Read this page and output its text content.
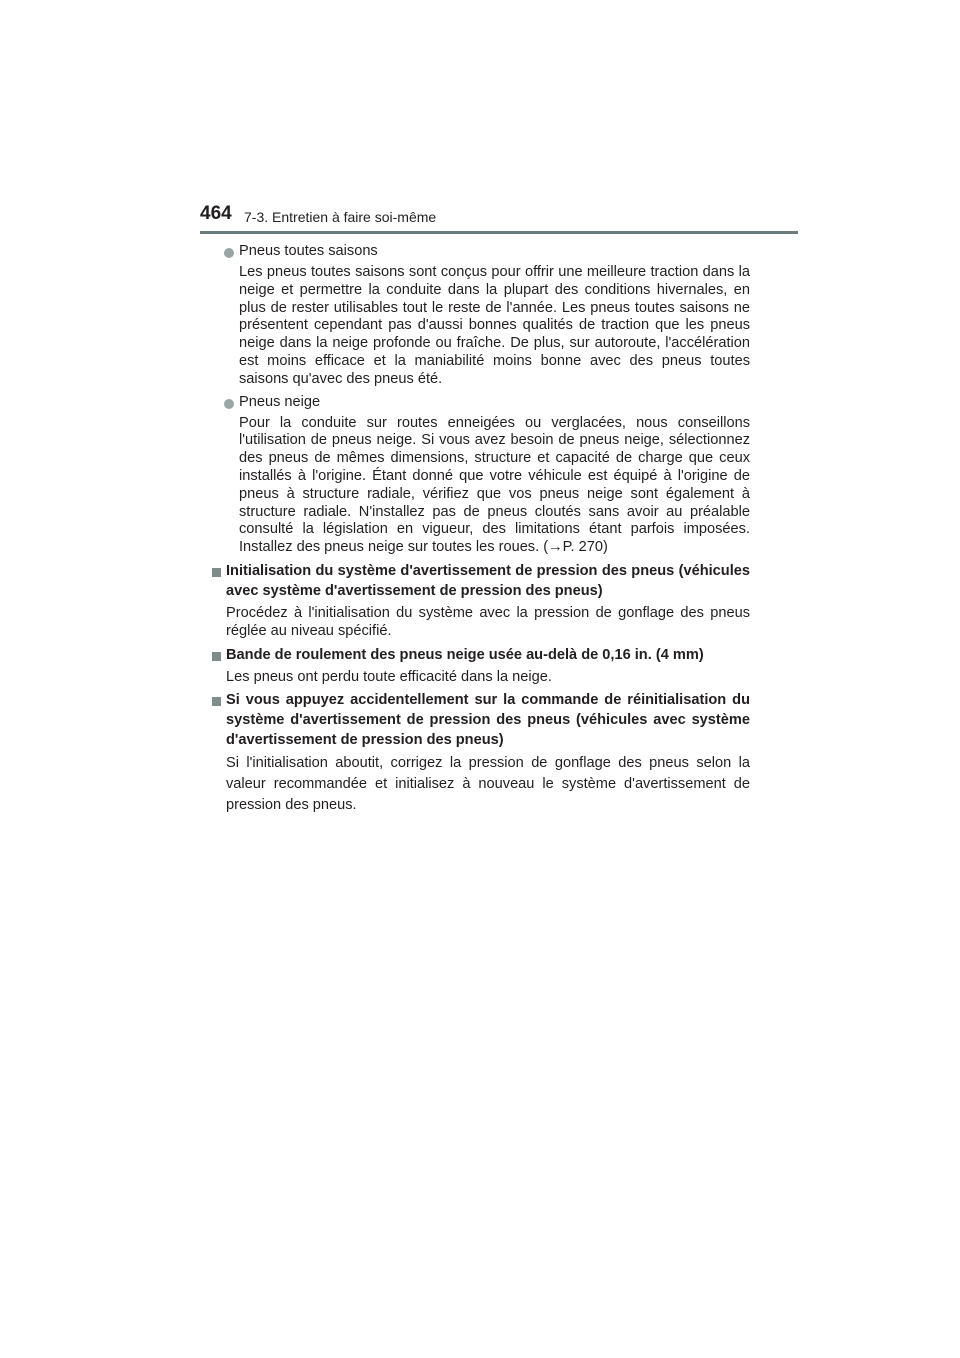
464 7-3. Entretien à faire soi-même
Pneus toutes saisons
Les pneus toutes saisons sont conçus pour offrir une meilleure traction dans la neige et permettre la conduite dans la plupart des conditions hivernales, en plus de rester utilisables tout le reste de l'année. Les pneus toutes saisons ne présentent cependant pas d'aussi bonnes qualités de traction que les pneus neige dans la neige profonde ou fraîche. De plus, sur autoroute, l'accélération est moins efficace et la maniabilité moins bonne avec des pneus toutes saisons qu'avec des pneus été.
Pneus neige
Pour la conduite sur routes enneigées ou verglacées, nous conseillons l'utilisation de pneus neige. Si vous avez besoin de pneus neige, sélectionnez des pneus de mêmes dimensions, structure et capacité de charge que ceux installés à l'origine. Étant donné que votre véhicule est équipé à l'origine de pneus à structure radiale, vérifiez que vos pneus neige sont également à structure radiale. N'installez pas de pneus cloutés sans avoir au préalable consulté la législation en vigueur, des limitations étant parfois imposées. Installez des pneus neige sur toutes les roues. (→P. 270)
Initialisation du système d'avertissement de pression des pneus (véhicules avec système d'avertissement de pression des pneus)
Procédez à l'initialisation du système avec la pression de gonflage des pneus réglée au niveau spécifié.
Bande de roulement des pneus neige usée au-delà de 0,16 in. (4 mm)
Les pneus ont perdu toute efficacité dans la neige.
Si vous appuyez accidentellement sur la commande de réinitialisation du système d'avertissement de pression des pneus (véhicules avec système d'avertissement de pression des pneus)
Si l'initialisation aboutit, corrigez la pression de gonflage des pneus selon la valeur recommandée et initialisez à nouveau le système d'avertissement de pression des pneus.
